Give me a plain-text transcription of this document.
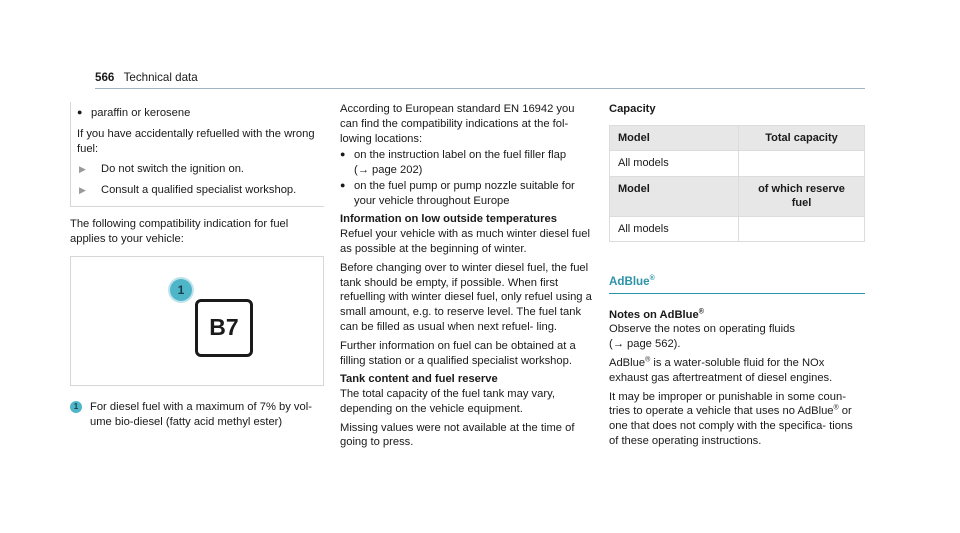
566 Technical data
● paraffin or kerosene

If you have accidentally refuelled with the wrong fuel:

▶	Do not switch the ignition on.
▶	Consult a qualified specialist workshop.

The following compatibility indication for fuel applies to your vehicle:

1
B7
1	For diesel fuel with a maximum of 7% by vol- ume bio-diesel (fatty acid methyl ester)

According to European standard EN 16942 you can find the compatibility indications at the fol- lowing locations:

● on the instruction label on the fuel filler flap
(→ page 202)
● on the fuel pump or pump nozzle suitable for your vehicle throughout Europe

Information on low outside temperatures

Refuel your vehicle with as much winter diesel fuel as possible at the beginning of winter.

Before changing over to winter diesel fuel, the fuel tank should be empty, if possible. When first refuelling with winter diesel fuel, only refuel using a small amount, e.g. to reserve level. The fuel tank can be filled as usual when next refuel- ling.

Further information on fuel can be obtained at a filling station or a qualified specialist workshop.

Tank content and fuel reserve

The total capacity of the fuel tank may vary, depending on the vehicle equipment.

Missing values were not available at the time of going to press.

Capacity
Model	Total capacity
All models	
Model	of which reserve fuel
All models	
AdBlue®

Notes on AdBlue®

Observe the notes on operating fluids
(→ page 562).

AdBlue® is a water-soluble fluid for the NOx exhaust gas aftertreatment of diesel engines.

It may be improper or punishable in some coun- tries to operate a vehicle that uses no AdBlue® or one that does not comply with the specifica- tions of these operating instructions.
